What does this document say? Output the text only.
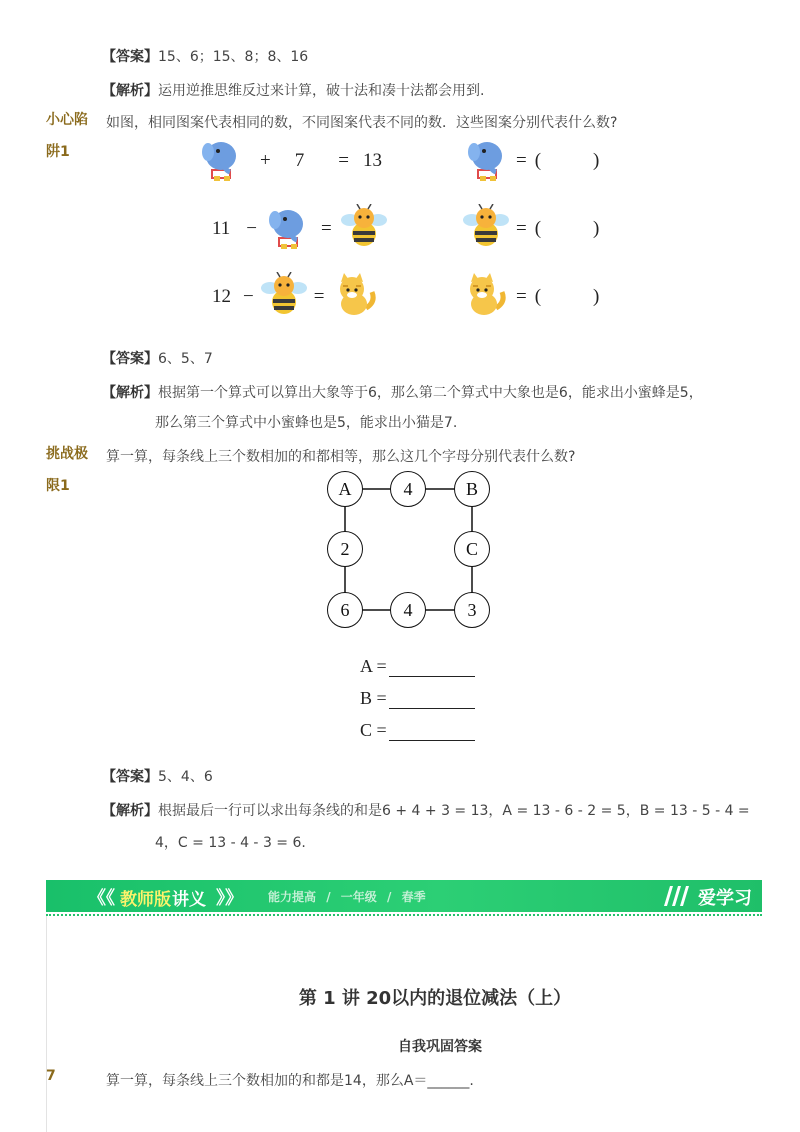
【答案】15、6；15、8；8、16
【解析】运用逆推思维反过来计算，破十法和凑十法都会用到.
小心陷
阱1
如图，相同图案代表相同的数，不同图案代表不同的数．这些图案分别代表什么数?
+ 7 = 13	= (	)
11 −	=	= (	)
12 −	=	= (	)
【答案】6、5、7
【解析】根据第一个算式可以算出大象等于6，那么第二个算式中大象也是6，能求出小蜜蜂是5，
那么第三个算式中小蜜蜂也是5，能求出小猫是7.
挑战极
限1
算一算，每条线上三个数相加的和都相等，那么这几个字母分别代表什么数?
A	4	B
2	C
6	4	3
A =
B =
C =
【答案】5、4、6
【解析】根据最后一行可以求出每条线的和是6 + 4 + 3 = 13，A = 13 - 6 - 2 = 5，B = 13 - 5 - 4 =
4，C = 13 - 4 - 3 = 6.
《《 教师版 讲义 》》 能力提高 / 一年级 / 春季	爱学习
第 1 讲 20以内的退位减法（上）
自我巩固答案
7	算一算，每条线上三个数相加的和都是14，那么A＝______.
